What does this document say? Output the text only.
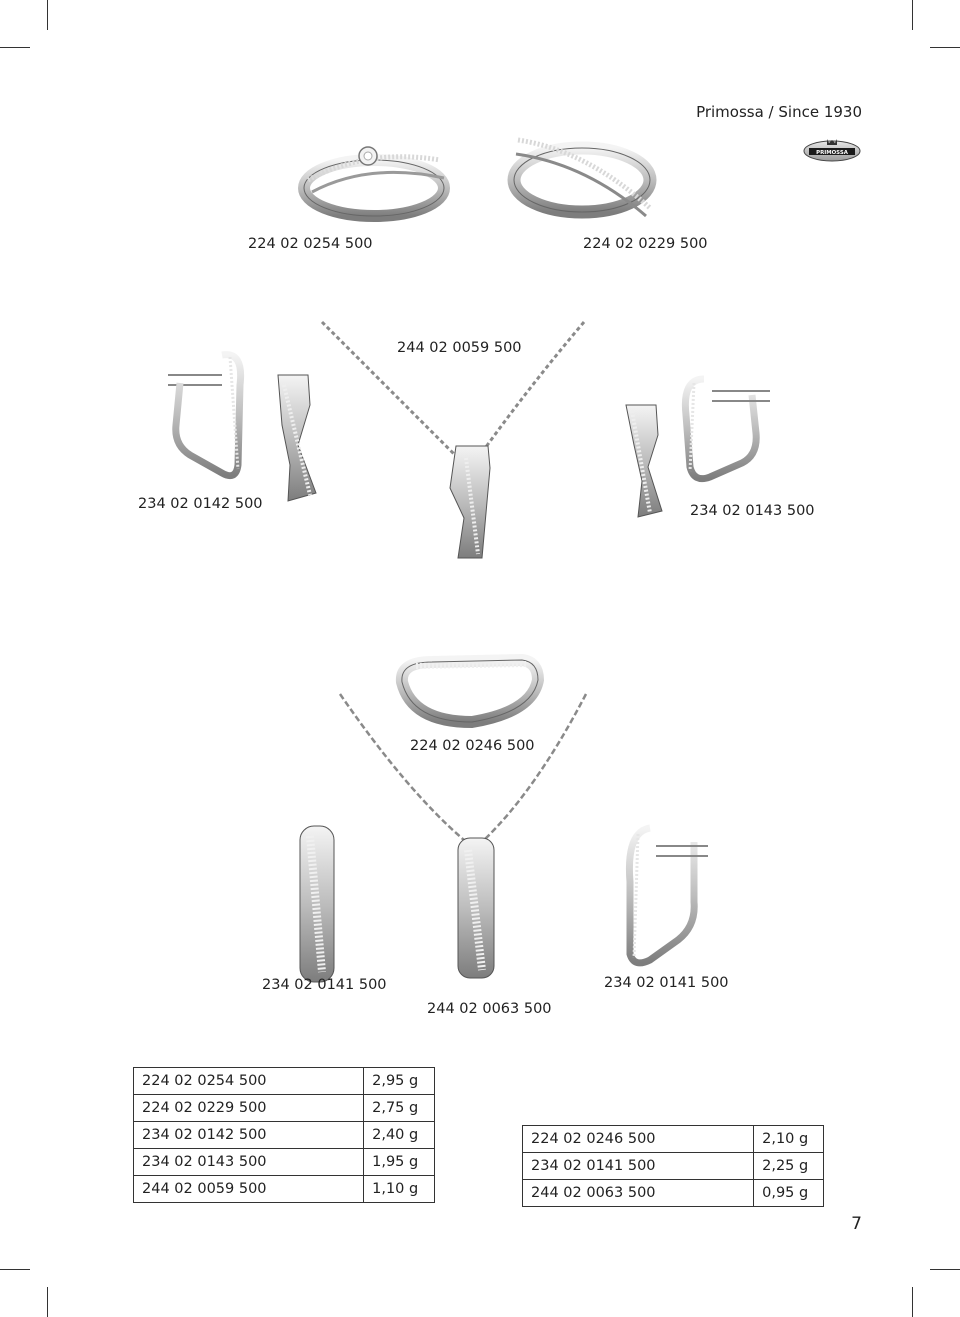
Primossa / Since 1930
PRIMOSSA
224 02 0254 500	224 02 0229 500
244 02 0059 500
234 02 0142 500	234 02 0143 500
224 02 0246 500
234 02 0141 500	234 02 0141 500
244 02 0063 500
224 02 0254 500	2,95 g
224 02 0229 500	2,75 g
234 02 0142 500	2,40 g
234 02 0143 500	1,95 g
244 02 0059 500	1,10 g
224 02 0246 500	2,10 g
234 02 0141 500	2,25 g
244 02 0063 500	0,95 g
7
